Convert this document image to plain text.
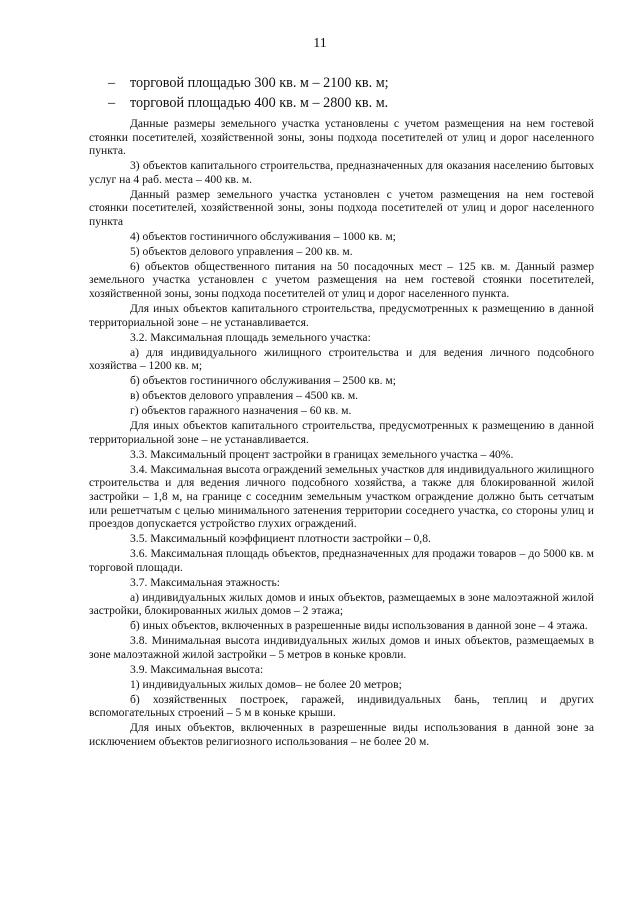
11
– торговой площадью 300 кв. м – 2100 кв. м;
– торговой площадью 400 кв. м – 2800 кв. м.

Данные размеры земельного участка установлены с учетом размещения на нем гостевой стоянки посетителей, хозяйственной зоны, зоны подхода посетителей от улиц и дорог населенного пункта.

3) объектов капитального строительства, предназначенных для оказания населению бытовых услуг на 4 раб. места – 400 кв. м.

Данный размер земельного участка установлен с учетом размещения на нем гостевой стоянки посетителей, хозяйственной зоны, зоны подхода посетителей от улиц и дорог населенного пункта

4) объектов гостиничного обслуживания – 1000 кв. м;

5) объектов делового управления – 200 кв. м.

6) объектов общественного питания на 50 посадочных мест – 125 кв. м. Данный размер земельного участка установлен с учетом размещения на нем гостевой стоянки посетителей, хозяйственной зоны, зоны подхода посетителей от улиц и дорог населенного пункта.

Для иных объектов капитального строительства, предусмотренных к размещению в данной территориальной зоне – не устанавливается.

3.2. Максимальная площадь земельного участка:

а) для индивидуального жилищного строительства и для ведения личного подсобного хозяйства – 1200 кв. м;

б) объектов гостиничного обслуживания – 2500 кв. м;

в) объектов делового управления – 4500 кв. м.

г) объектов гаражного назначения – 60 кв. м.

Для иных объектов капитального строительства, предусмотренных к размещению в данной территориальной зоне – не устанавливается.

3.3. Максимальный процент застройки в границах земельного участка – 40%.

3.4. Максимальная высота ограждений земельных участков для индивидуального жилищного строительства и для ведения личного подсобного хозяйства, а также для блокированной жилой застройки – 1,8 м, на границе с соседним земельным участком ограждение должно быть сетчатым или решетчатым с целью минимального затенения территории соседнего участка, со стороны улиц и проездов допускается устройство глухих ограждений.

3.5. Максимальный коэффициент плотности застройки – 0,8.

3.6. Максимальная площадь объектов, предназначенных для продажи товаров – до 5000 кв. м торговой площади.

3.7. Максимальная этажность:

а) индивидуальных жилых домов и иных объектов, размещаемых в зоне малоэтажной жилой застройки, блокированных жилых домов – 2 этажа;

б) иных объектов, включенных в разрешенные виды использования в данной зоне – 4 этажа.

3.8. Минимальная высота индивидуальных жилых домов и иных объектов, размещаемых в зоне малоэтажной жилой застройки – 5 метров в коньке кровли.

3.9. Максимальная высота:

1) индивидуальных жилых домов– не более 20 метров;

б) хозяйственных построек, гаражей, индивидуальных бань, теплиц и других вспомогательных строений – 5 м в коньке крыши.

Для иных объектов, включенных в разрешенные виды использования в данной зоне за исключением объектов религиозного использования – не более 20 м.
